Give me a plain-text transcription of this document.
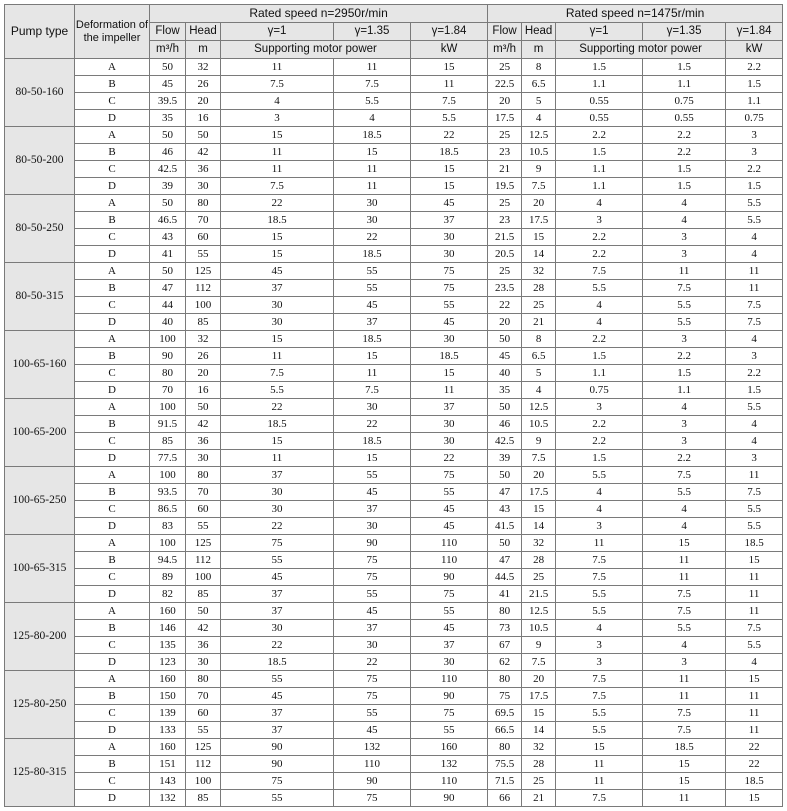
Pump type	Deformation of the impeller	Rated speed n=2950r/min					Rated speed n=1475r/min				
		Flow	Head	γ=1	γ=1.35	γ=1.84	Flow	Head	γ=1	γ=1.35	γ=1.84
		m³/h	m	Supporting motor power		kW	m³/h	m	Supporting motor power		kW
80-50-160	A	50	32	11	11	15	25	8	1.5	1.5	2.2
	B	45	26	7.5	7.5	11	22.5	6.5	1.1	1.1	1.5
	C	39.5	20	4	5.5	7.5	20	5	0.55	0.75	1.1
	D	35	16	3	4	5.5	17.5	4	0.55	0.55	0.75
80-50-200	A	50	50	15	18.5	22	25	12.5	2.2	2.2	3
	B	46	42	11	15	18.5	23	10.5	1.5	2.2	3
	C	42.5	36	11	11	15	21	9	1.1	1.5	2.2
	D	39	30	7.5	11	15	19.5	7.5	1.1	1.5	1.5
80-50-250	A	50	80	22	30	45	25	20	4	4	5.5
	B	46.5	70	18.5	30	37	23	17.5	3	4	5.5
	C	43	60	15	22	30	21.5	15	2.2	3	4
	D	41	55	15	18.5	30	20.5	14	2.2	3	4
80-50-315	A	50	125	45	55	75	25	32	7.5	11	11
	B	47	112	37	55	75	23.5	28	5.5	7.5	11
	C	44	100	30	45	55	22	25	4	5.5	7.5
	D	40	85	30	37	45	20	21	4	5.5	7.5
100-65-160	A	100	32	15	18.5	30	50	8	2.2	3	4
	B	90	26	11	15	18.5	45	6.5	1.5	2.2	3
	C	80	20	7.5	11	15	40	5	1.1	1.5	2.2
	D	70	16	5.5	7.5	11	35	4	0.75	1.1	1.5
100-65-200	A	100	50	22	30	37	50	12.5	3	4	5.5
	B	91.5	42	18.5	22	30	46	10.5	2.2	3	4
	C	85	36	15	18.5	30	42.5	9	2.2	3	4
	D	77.5	30	11	15	22	39	7.5	1.5	2.2	3
100-65-250	A	100	80	37	55	75	50	20	5.5	7.5	11
	B	93.5	70	30	45	55	47	17.5	4	5.5	7.5
	C	86.5	60	30	37	45	43	15	4	4	5.5
	D	83	55	22	30	45	41.5	14	3	4	5.5
100-65-315	A	100	125	75	90	110	50	32	11	15	18.5
	B	94.5	112	55	75	110	47	28	7.5	11	15
	C	89	100	45	75	90	44.5	25	7.5	11	11
	D	82	85	37	55	75	41	21.5	5.5	7.5	11
125-80-200	A	160	50	37	45	55	80	12.5	5.5	7.5	11
	B	146	42	30	37	45	73	10.5	4	5.5	7.5
	C	135	36	22	30	37	67	9	3	4	5.5
	D	123	30	18.5	22	30	62	7.5	3	3	4
125-80-250	A	160	80	55	75	110	80	20	7.5	11	15
	B	150	70	45	75	90	75	17.5	7.5	11	11
	C	139	60	37	55	75	69.5	15	5.5	7.5	11
	D	133	55	37	45	55	66.5	14	5.5	7.5	11
125-80-315	A	160	125	90	132	160	80	32	15	18.5	22
	B	151	112	90	110	132	75.5	28	11	15	22
	C	143	100	75	90	110	71.5	25	11	15	18.5
	D	132	85	55	75	90	66	21	7.5	11	15
